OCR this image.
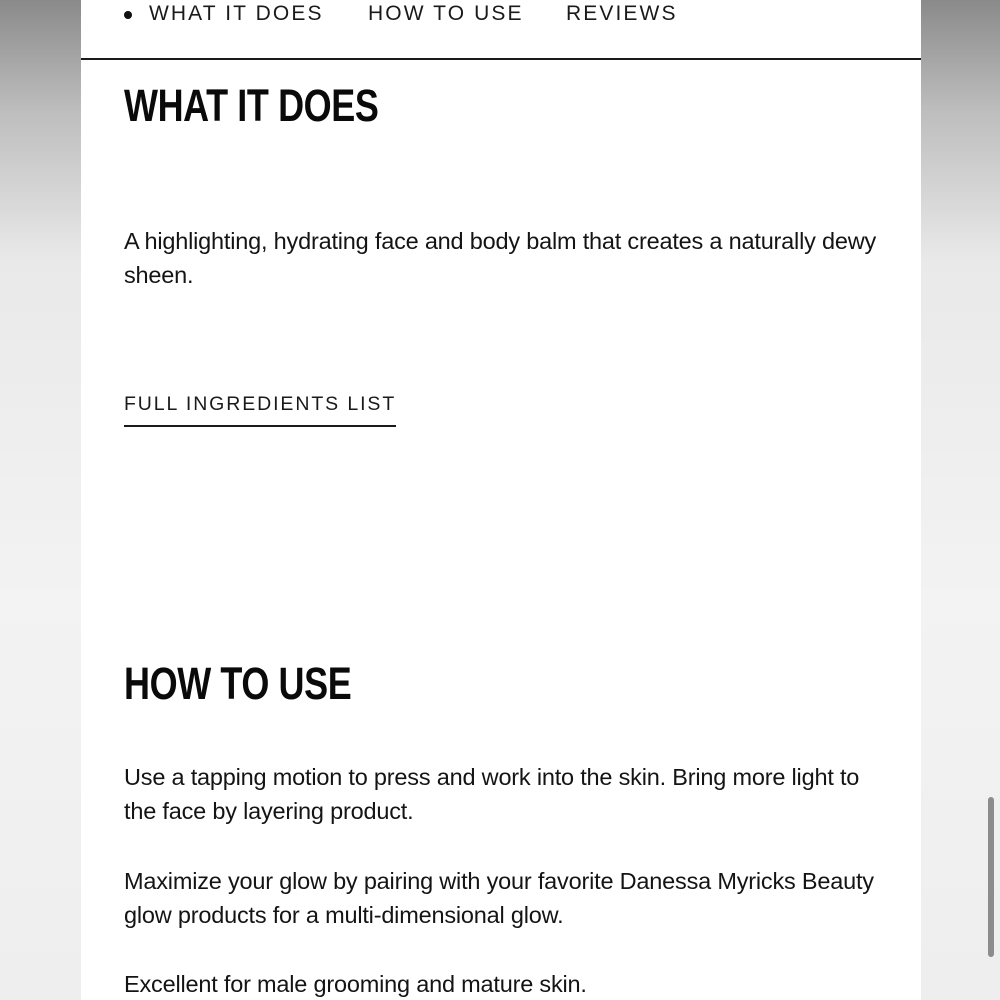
WHAT IT DOES HOW TO USE REVIEWS
WHAT IT DOES

A highlighting, hydrating face and body balm that creates a naturally dewy sheen.

FULL INGREDIENTS LIST
HOW TO USE

Use a tapping motion to press and work into the skin. Bring more light to the face by layering product.

Maximize your glow by pairing with your favorite Danessa Myricks Beauty glow products for a multi-dimensional glow.

Excellent for male grooming and mature skin.
